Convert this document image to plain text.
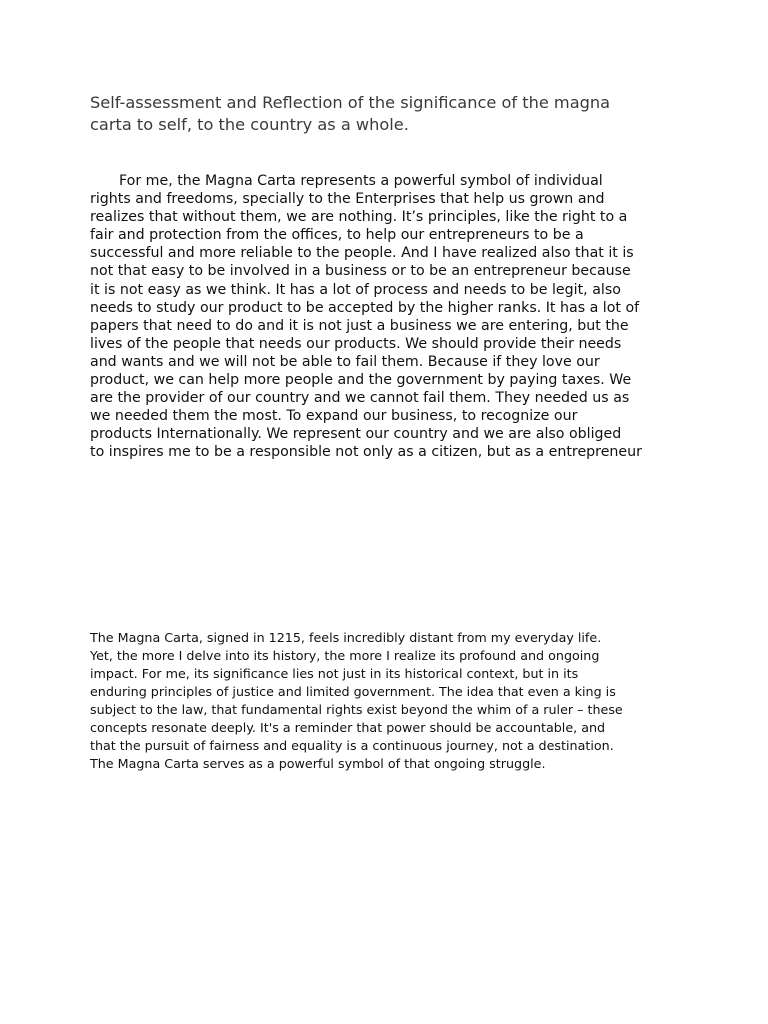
Self-assessment and Reflection of the significance of the magna
carta to self, to the country as a whole.

For me, the Magna Carta represents a powerful symbol of individual
rights and freedoms, specially to the Enterprises that help us grown and
realizes that without them, we are nothing. It’s principles, like the right to a
fair and protection from the offices, to help our entrepreneurs to be a
successful and more reliable to the people. And I have realized also that it is
not that easy to be involved in a business or to be an entrepreneur because
it is not easy as we think. It has a lot of process and needs to be legit, also
needs to study our product to be accepted by the higher ranks. It has a lot of
papers that need to do and it is not just a business we are entering, but the
lives of the people that needs our products. We should provide their needs
and wants and we will not be able to fail them. Because if they love our
product, we can help more people and the government by paying taxes. We
are the provider of our country and we cannot fail them. They needed us as
we needed them the most. To expand our business, to recognize our
products Internationally. We represent our country and we are also obliged
to inspires me to be a responsible not only as a citizen, but as a entrepreneur

The Magna Carta, signed in 1215, feels incredibly distant from my everyday life.
Yet, the more I delve into its history, the more I realize its profound and ongoing
impact. For me, its significance lies not just in its historical context, but in its
enduring principles of justice and limited government. The idea that even a king is
subject to the law, that fundamental rights exist beyond the whim of a ruler – these
concepts resonate deeply. It's a reminder that power should be accountable, and
that the pursuit of fairness and equality is a continuous journey, not a destination.
The Magna Carta serves as a powerful symbol of that ongoing struggle.
